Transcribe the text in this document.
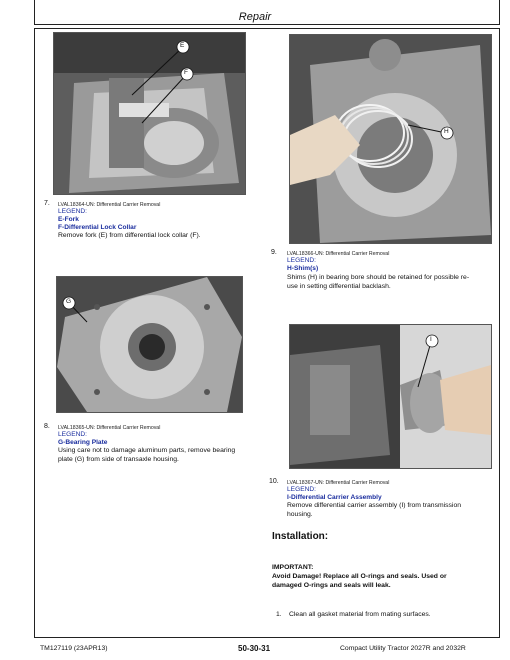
Repair
E
F
7. LVAL18364-UN: Differential Carrier Removal
LEGEND:
E-Fork
F-Differential Lock Collar
Remove fork (E) from differential lock collar (F).
G
8. LVAL18365-UN: Differential Carrier Removal
LEGEND:
G-Bearing Plate
Using care not to damage aluminum parts, remove bearing
plate (G) from side of transaxle housing.
H
9. LVAL18366-UN: Differential Carrier Removal
LEGEND:
H-Shim(s)
Shims (H) in bearing bore should be retained for possible re-
use in setting differential backlash.
I
10. LVAL18367-UN: Differential Carrier Removal
LEGEND:
I-Differential Carrier Assembly
Remove differential carrier assembly (I) from transmission
housing.
Installation:
IMPORTANT:
Avoid Damage! Replace all O-rings and seals. Used or
damaged O-rings and seals will leak.
1. Clean all gasket material from mating surfaces.
TM127119 (23APR13)	50-30-31	Compact Utility Tractor 2027R and 2032R
